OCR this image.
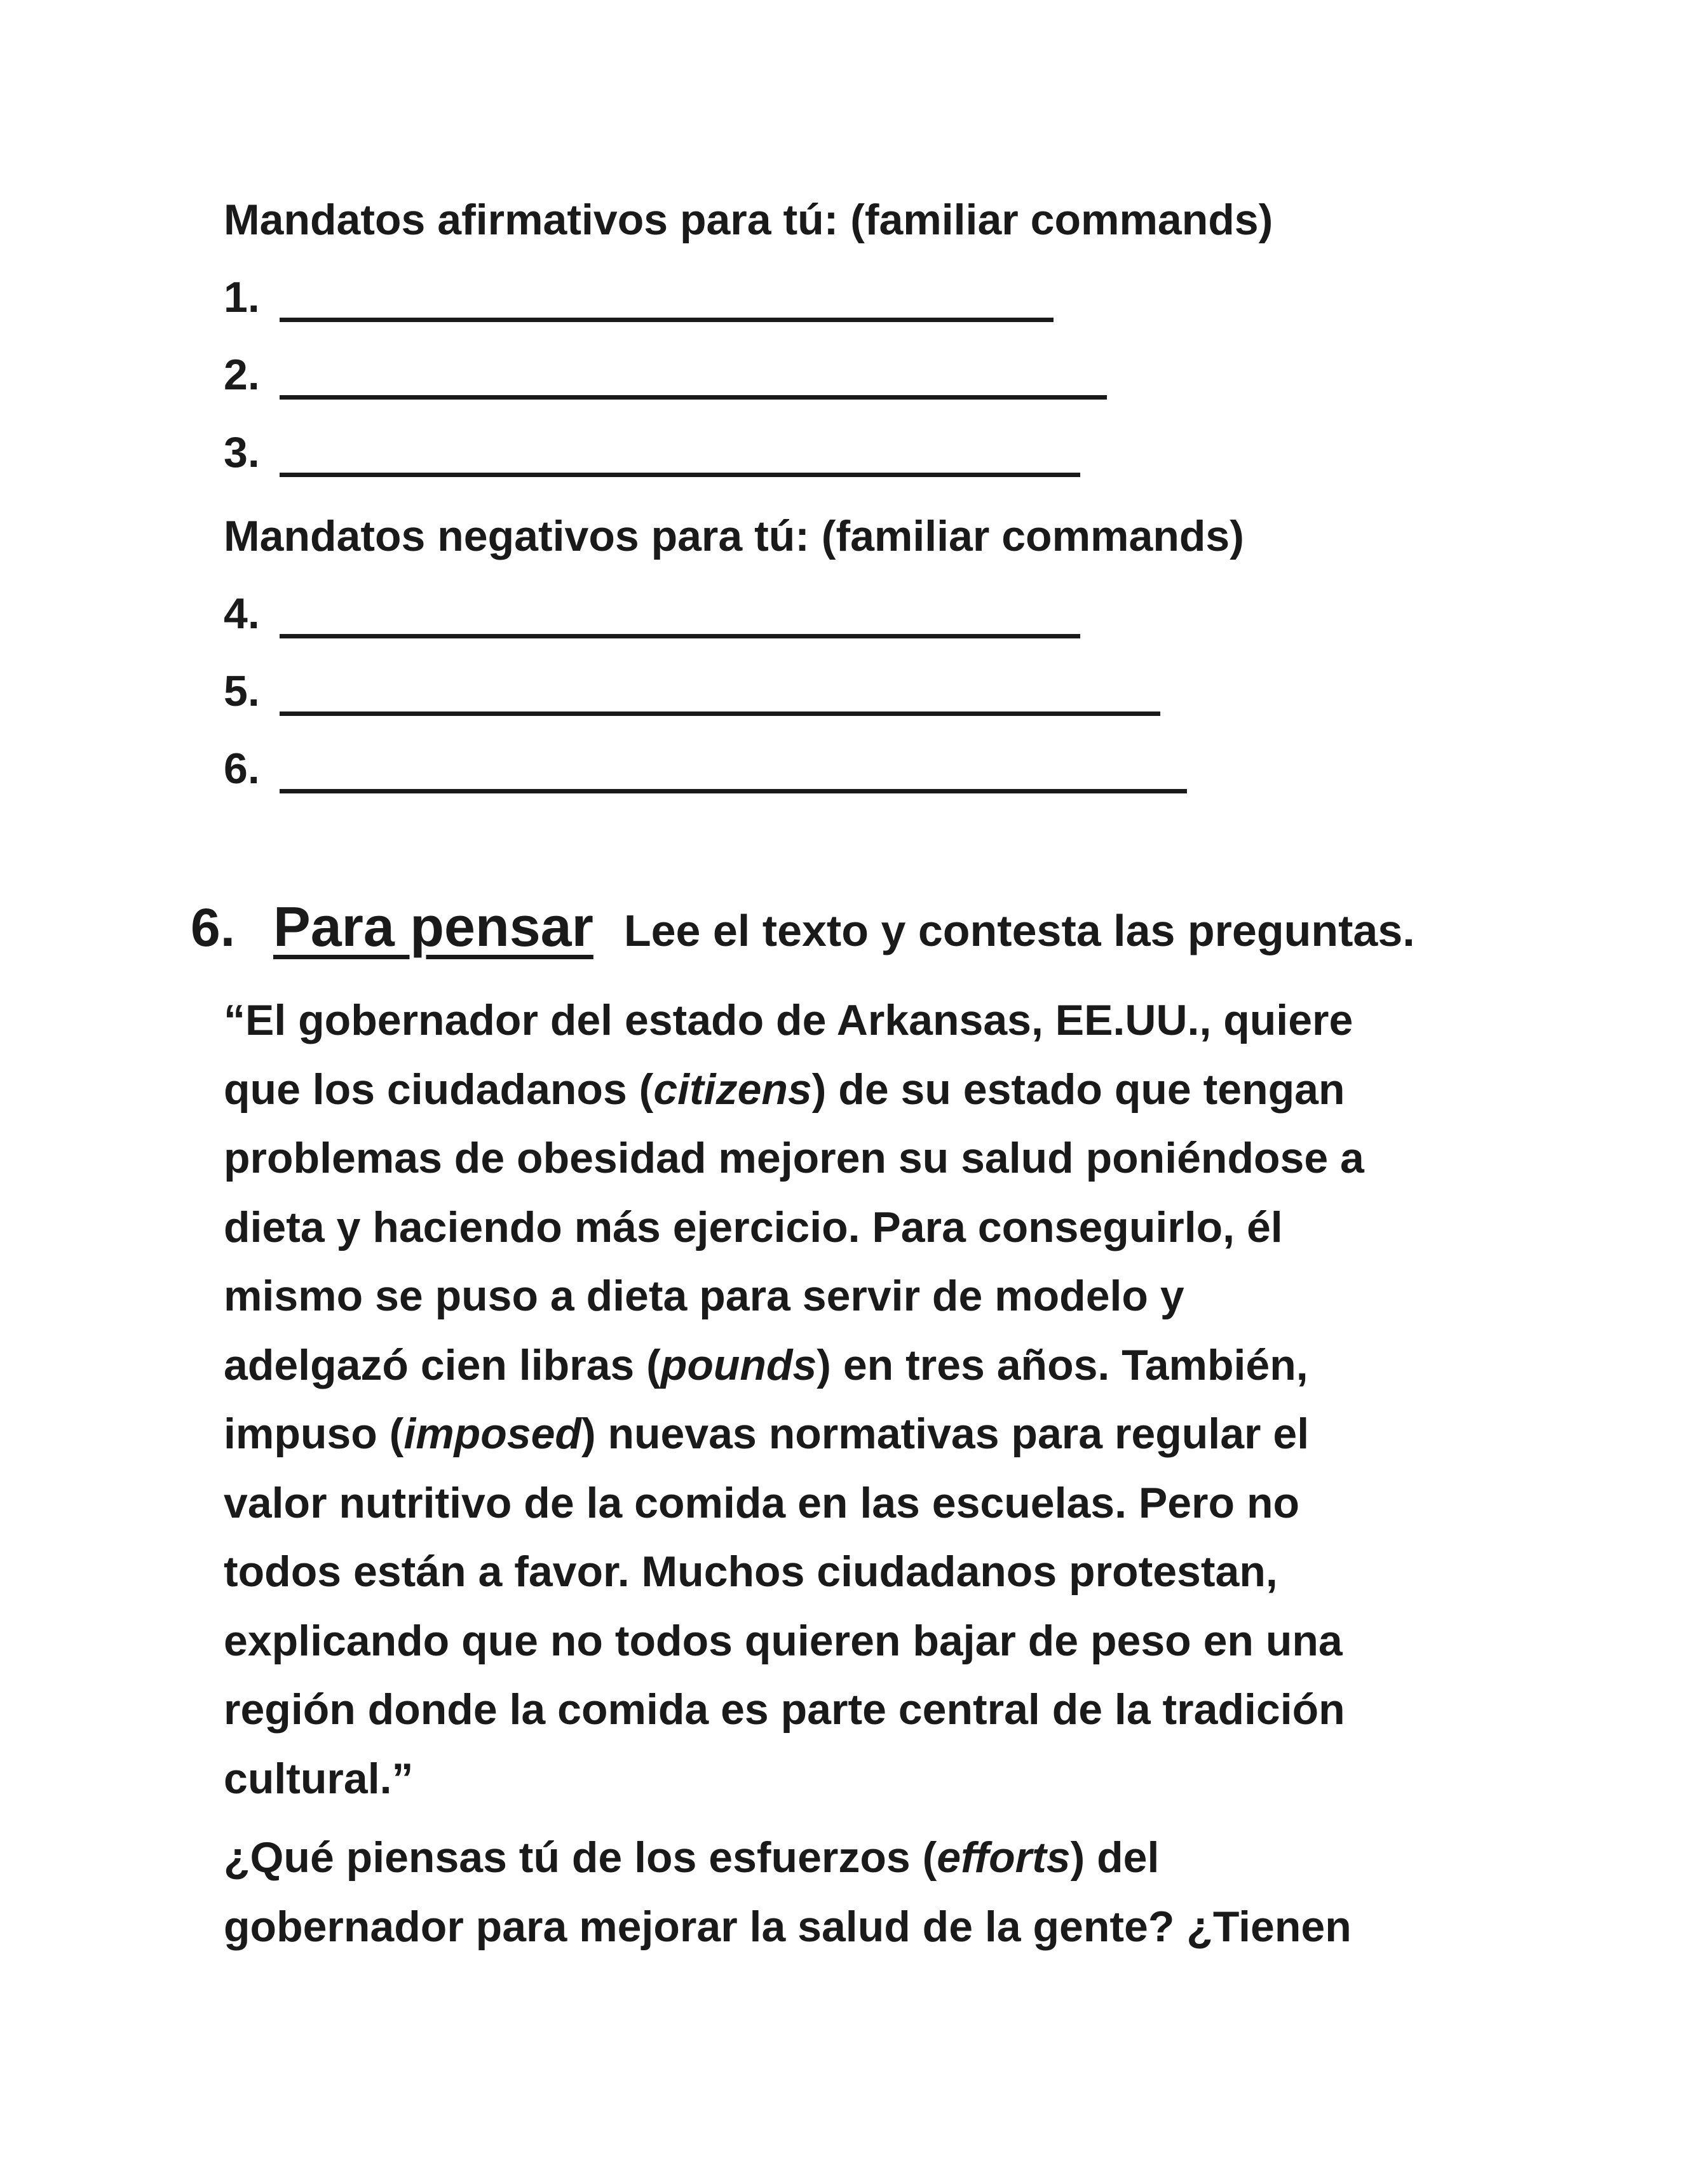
Mandatos afirmativos para tú: (familiar commands)
1.
2.
3.
Mandatos negativos para tú: (familiar commands)
4.
5.
6.
6. Para pensar Lee el texto y contesta las preguntas.
“El gobernador del estado de Arkansas, EE.UU., quiere
que los ciudadanos (citizens) de su estado que tengan
problemas de obesidad mejoren su salud poniéndose a
dieta y haciendo más ejercicio. Para conseguirlo, él
mismo se puso a dieta para servir de modelo y
adelgazó cien libras (pounds) en tres años. También,
impuso (imposed) nuevas normativas para regular el
valor nutritivo de la comida en las escuelas. Pero no
todos están a favor. Muchos ciudadanos protestan,
explicando que no todos quieren bajar de peso en una
región donde la comida es parte central de la tradición
cultural.”
¿Qué piensas tú de los esfuerzos (efforts) del
gobernador para mejorar la salud de la gente? ¿Tienen
